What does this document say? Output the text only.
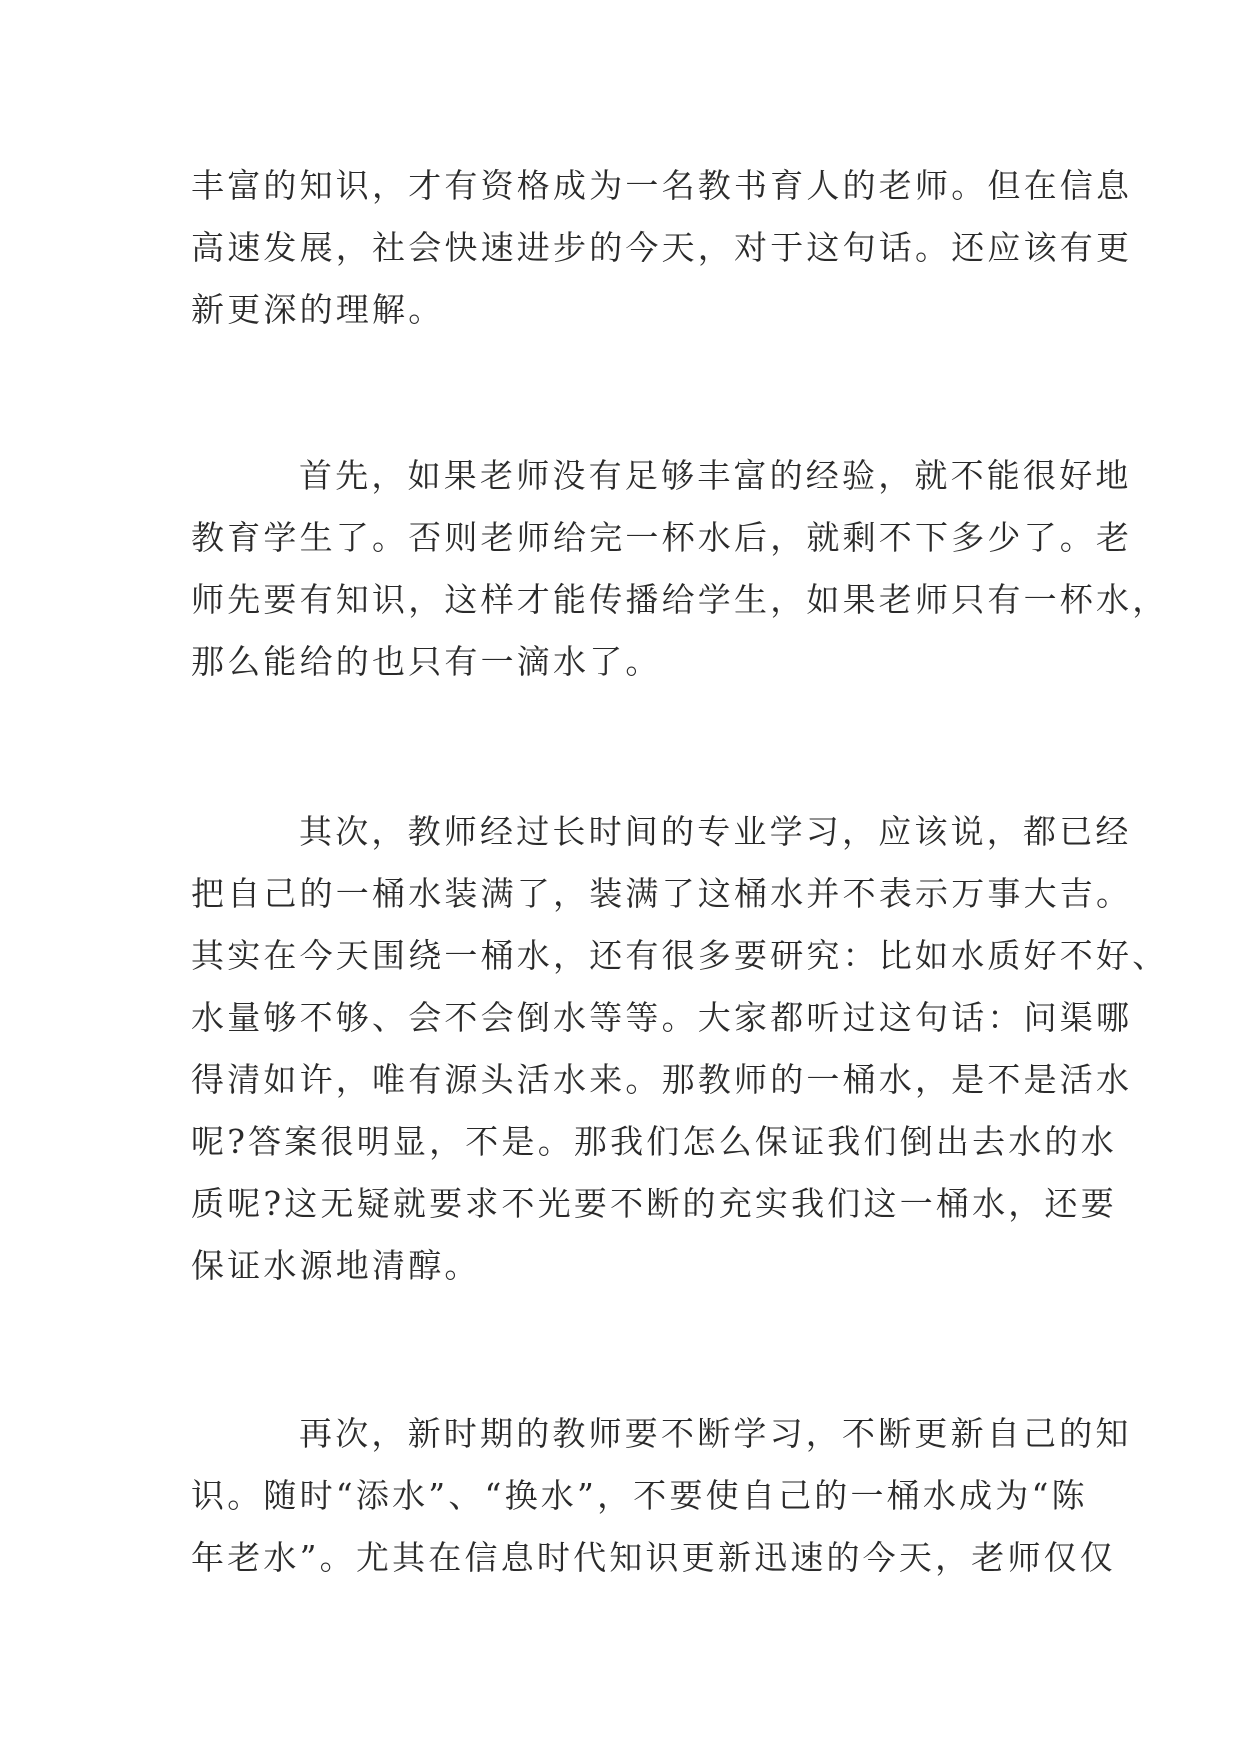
丰富的知识，才有资格成为一名教书育人的老师。但在信息
高速发展，社会快速进步的今天，对于这句话。还应该有更
新更深的理解。
首先，如果老师没有足够丰富的经验，就不能很好地
教育学生了。否则老师给完一杯水后，就剩不下多少了。老
师先要有知识，这样才能传播给学生，如果老师只有一杯水，
那么能给的也只有一滴水了。
其次，教师经过长时间的专业学习，应该说，都已经
把自己的一桶水装满了，装满了这桶水并不表示万事大吉。
其实在今天围绕一桶水，还有很多要研究：比如水质好不好、
水量够不够、会不会倒水等等。大家都听过这句话：问渠哪
得清如许，唯有源头活水来。那教师的一桶水，是不是活水
呢?答案很明显，不是。那我们怎么保证我们倒出去水的水
质呢?这无疑就要求不光要不断的充实我们这一桶水，还要
保证水源地清醇。
再次，新时期的教师要不断学习，不断更新自己的知
识。随时“添水”、“换水”，不要使自己的一桶水成为“陈
年老水”。尤其在信息时代知识更新迅速的今天，老师仅仅
